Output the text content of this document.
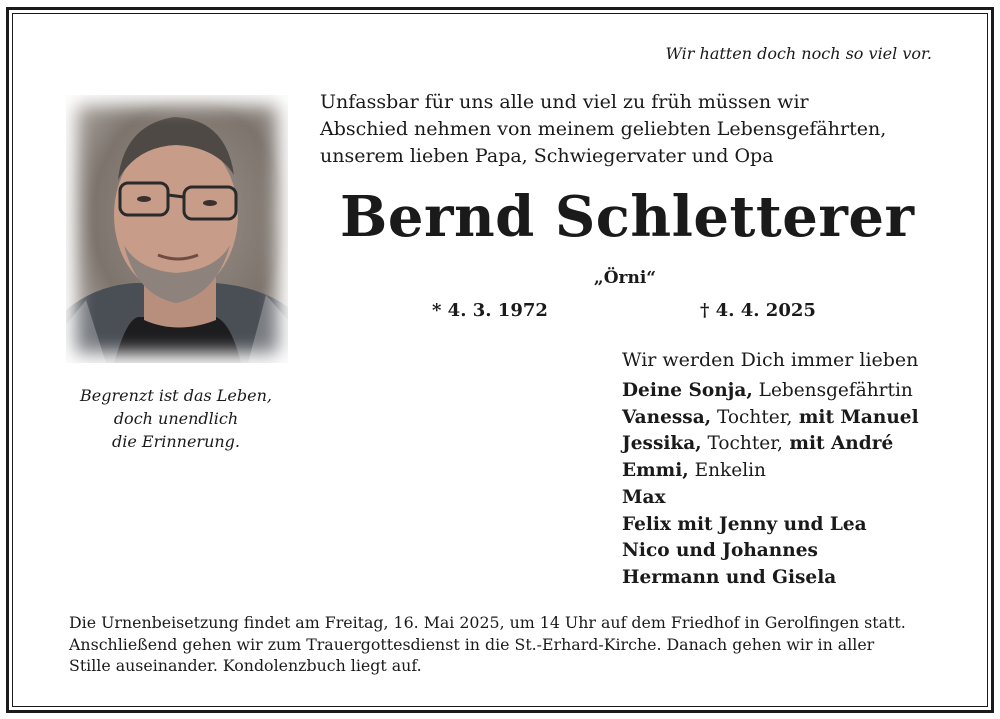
Wir hatten doch noch so viel vor.
Begrenzt ist das Leben,
doch unendlich
die Erinnerung.
Unfassbar für uns alle und viel zu früh müssen wir
Abschied nehmen von meinem geliebten Lebensgefährten,
unserem lieben Papa, Schwiegervater und Opa
Bernd Schletterer
„Örni“
* 4. 3. 1972	† 4. 4. 2025
Wir werden Dich immer lieben
Deine Sonja, Lebensgefährtin
Vanessa, Tochter, mit Manuel
Jessika, Tochter, mit André
Emmi, Enkelin
Max
Felix mit Jenny und Lea
Nico und Johannes
Hermann und Gisela
Die Urnenbeisetzung findet am Freitag, 16. Mai 2025, um 14 Uhr auf dem Friedhof in Gerolfingen statt.
Anschließend gehen wir zum Trauergottesdienst in die St.-Erhard-Kirche. Danach gehen wir in aller
Stille auseinander. Kondolenzbuch liegt auf.
